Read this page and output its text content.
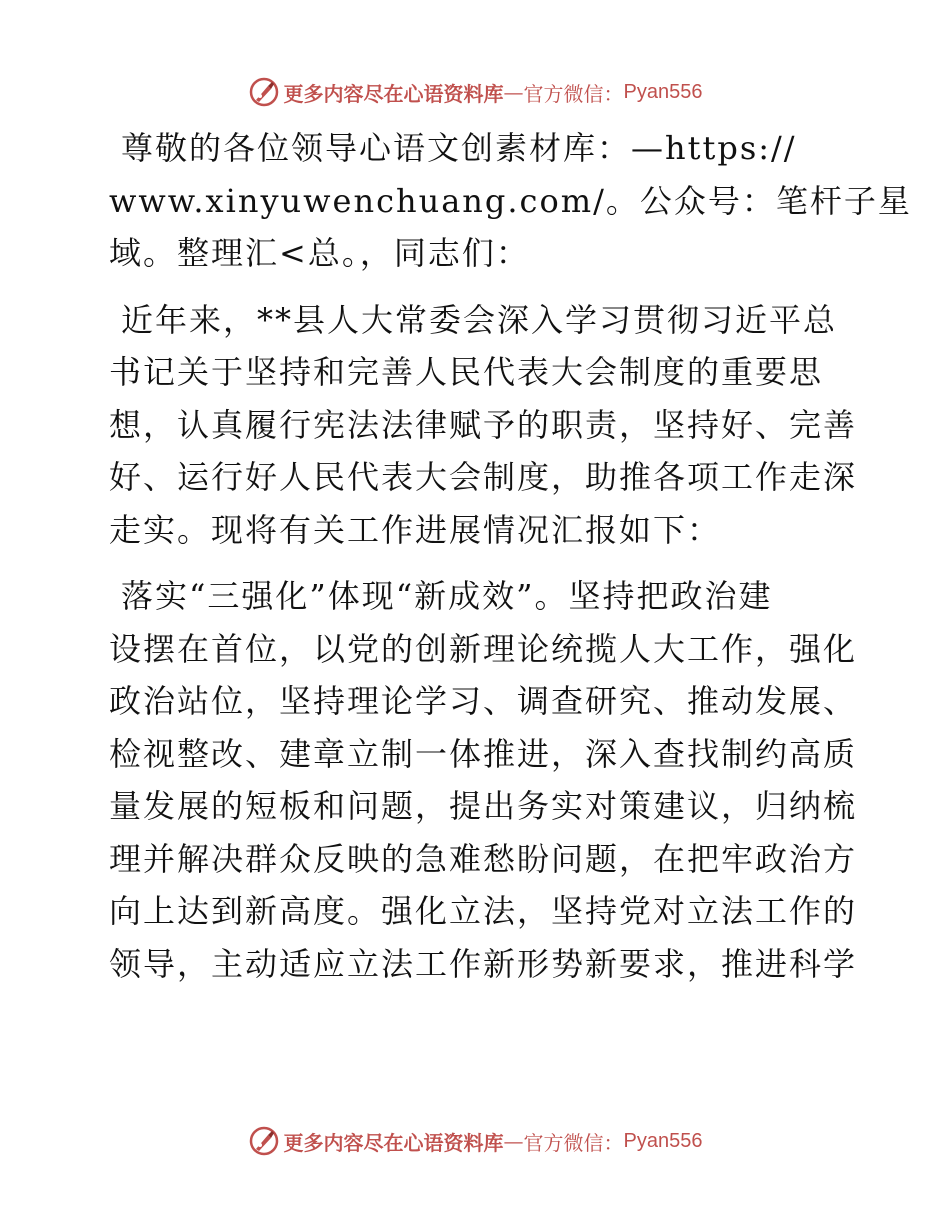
更多内容尽在心语资料库 — 官方微信： Pyan556
尊敬的各位领导心语文创素材库：—https://
www.xinyuwenchuang.com/。公众号：笔杆子星
域。整理汇<总。，同志们：
近年来，**县人大常委会深入学习贯彻习近平总
书记关于坚持和完善人民代表大会制度的重要思
想，认真履行宪法法律赋予的职责，坚持好、完善
好、运行好人民代表大会制度，助推各项工作走深
走实。现将有关工作进展情况汇报如下：
落实“三强化”体现“新成效”。坚持把政治建
设摆在首位，以党的创新理论统揽人大工作，强化
政治站位，坚持理论学习、调查研究、推动发展、
检视整改、建章立制一体推进，深入查找制约高质
量发展的短板和问题，提出务实对策建议，归纳梳
理并解决群众反映的急难愁盼问题，在把牢政治方
向上达到新高度。强化立法，坚持党对立法工作的
领导，主动适应立法工作新形势新要求，推进科学
更多内容尽在心语资料库 — 官方微信： Pyan556
